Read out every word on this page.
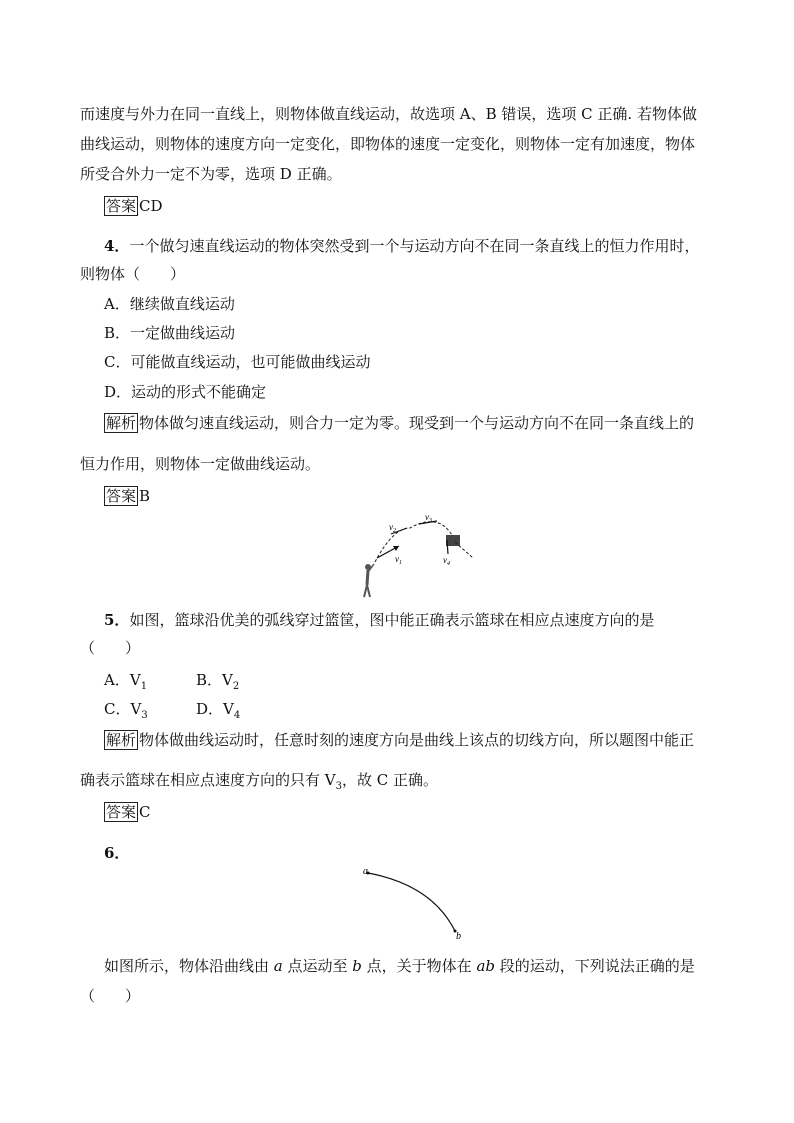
而速度与外力在同一直线上，则物体做直线运动，故选项 A、B 错误，选项 C 正确. 若物体做
曲线运动，则物体的速度方向一定变化，即物体的速度一定变化，则物体一定有加速度，物体
所受合外力一定不为零，选项 D 正确。
答案 CD
4．一个做匀速直线运动的物体突然受到一个与运动方向不在同一条直线上的恒力作用时，
则物体（　　）
A．继续做直线运动
B．一定做曲线运动
C．可能做直线运动，也可能做曲线运动
D．运动的形式不能确定
解析 物体做匀速直线运动，则合力一定为零。现受到一个与运动方向不在同一条直线上的
恒力作用，则物体一定做曲线运动。
答案 B
$v_1$
$v_2$
$v_3$
$v_4$
5．如图，篮球沿优美的弧线穿过篮筐，图中能正确表示篮球在相应点速度方向的是
（　　）
A．$V_1$	B．$V_2$
C．$V_3$	D．$V_4$
解析 物体做曲线运动时，任意时刻的速度方向是曲线上该点的切线方向，所以题图中能正
确表示篮球在相应点速度方向的只有 $V_3$，故 C 正确。
答案 C
6．
a
b
如图所示，物体沿曲线由 a 点运动至 b 点，关于物体在 ab 段的运动，下列说法正确的是
（　　）
